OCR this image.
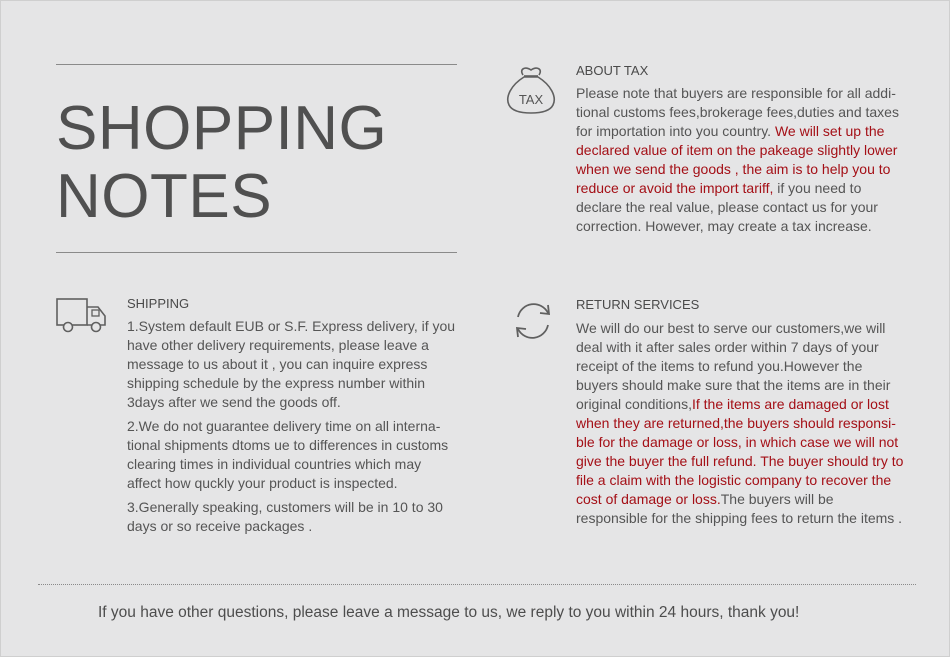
SHOPPING
NOTES
TAX
ABOUT TAX
Please note that buyers are responsible for all addi- tional customs fees,brokerage fees,duties and taxes for importation into you country. We will set up the declared value of item on the pakeage slightly lower when we send the goods , the aim is to help you to reduce or avoid the import tariff, if you need to declare the real value, please contact us for your correction. However, may create a tax increase.
SHIPPING

1.System default EUB or S.F. Express delivery, if you have other delivery requirements, please leave a message to us about it , you can inquire express shipping schedule by the express number within 3days after we send the goods off.

2.We do not guarantee delivery time on all interna- tional shipments dtoms ue to differences in customs clearing times in individual countries which may affect how quckly your product is inspected.

3.Generally speaking, customers will be in 10 to 30 days or so receive packages .

RETURN SERVICES
We will do our best to serve our customers,we will deal with it after sales order within 7 days of your receipt of the items to refund you.However the buyers should make sure that the items are in their original conditions,If the items are damaged or lost when they are returned,the buyers should responsi- ble for the damage or loss, in which case we will not give the buyer the full refund. The buyer should try to file a claim with the logistic company to recover the cost of damage or loss.The buyers will be responsible for the shipping fees to return the items .
If you have other questions, please leave a message to us, we reply to you within 24 hours, thank you!
